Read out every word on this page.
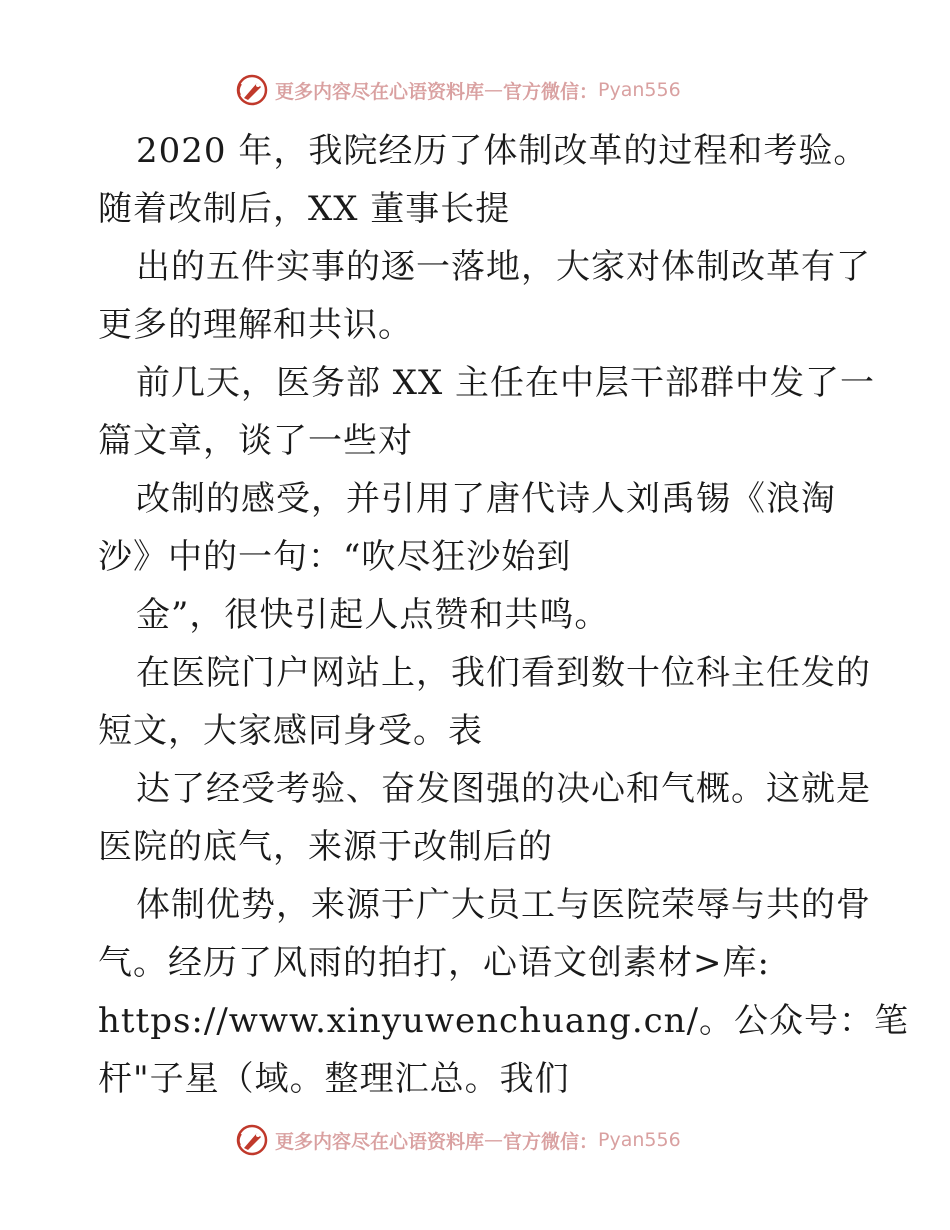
更多内容尽在心语资料库 — 官方微信： Pyan556
2020 年，我院经历了体制改革的过程和考验。
随着改制后，XX 董事长提
出的五件实事的逐一落地，大家对体制改革有了
更多的理解和共识。
前几天，医务部 XX 主任在中层干部群中发了一
篇文章，谈了一些对
改制的感受，并引用了唐代诗人刘禹锡《浪淘
沙》中的一句：“吹尽狂沙始到
金”，很快引起人点赞和共鸣。
在医院门户网站上，我们看到数十位科主任发的
短文，大家感同身受。表
达了经受考验、奋发图强的决心和气概。这就是
医院的底气，来源于改制后的
体制优势，来源于广大员工与医院荣辱与共的骨
气。经历了风雨的拍打，心语文创素材>库:
https://www.xinyuwenchuang.cn/。公众号：笔
杆"子星（域。整理汇总。我们
更多内容尽在心语资料库 — 官方微信： Pyan556
